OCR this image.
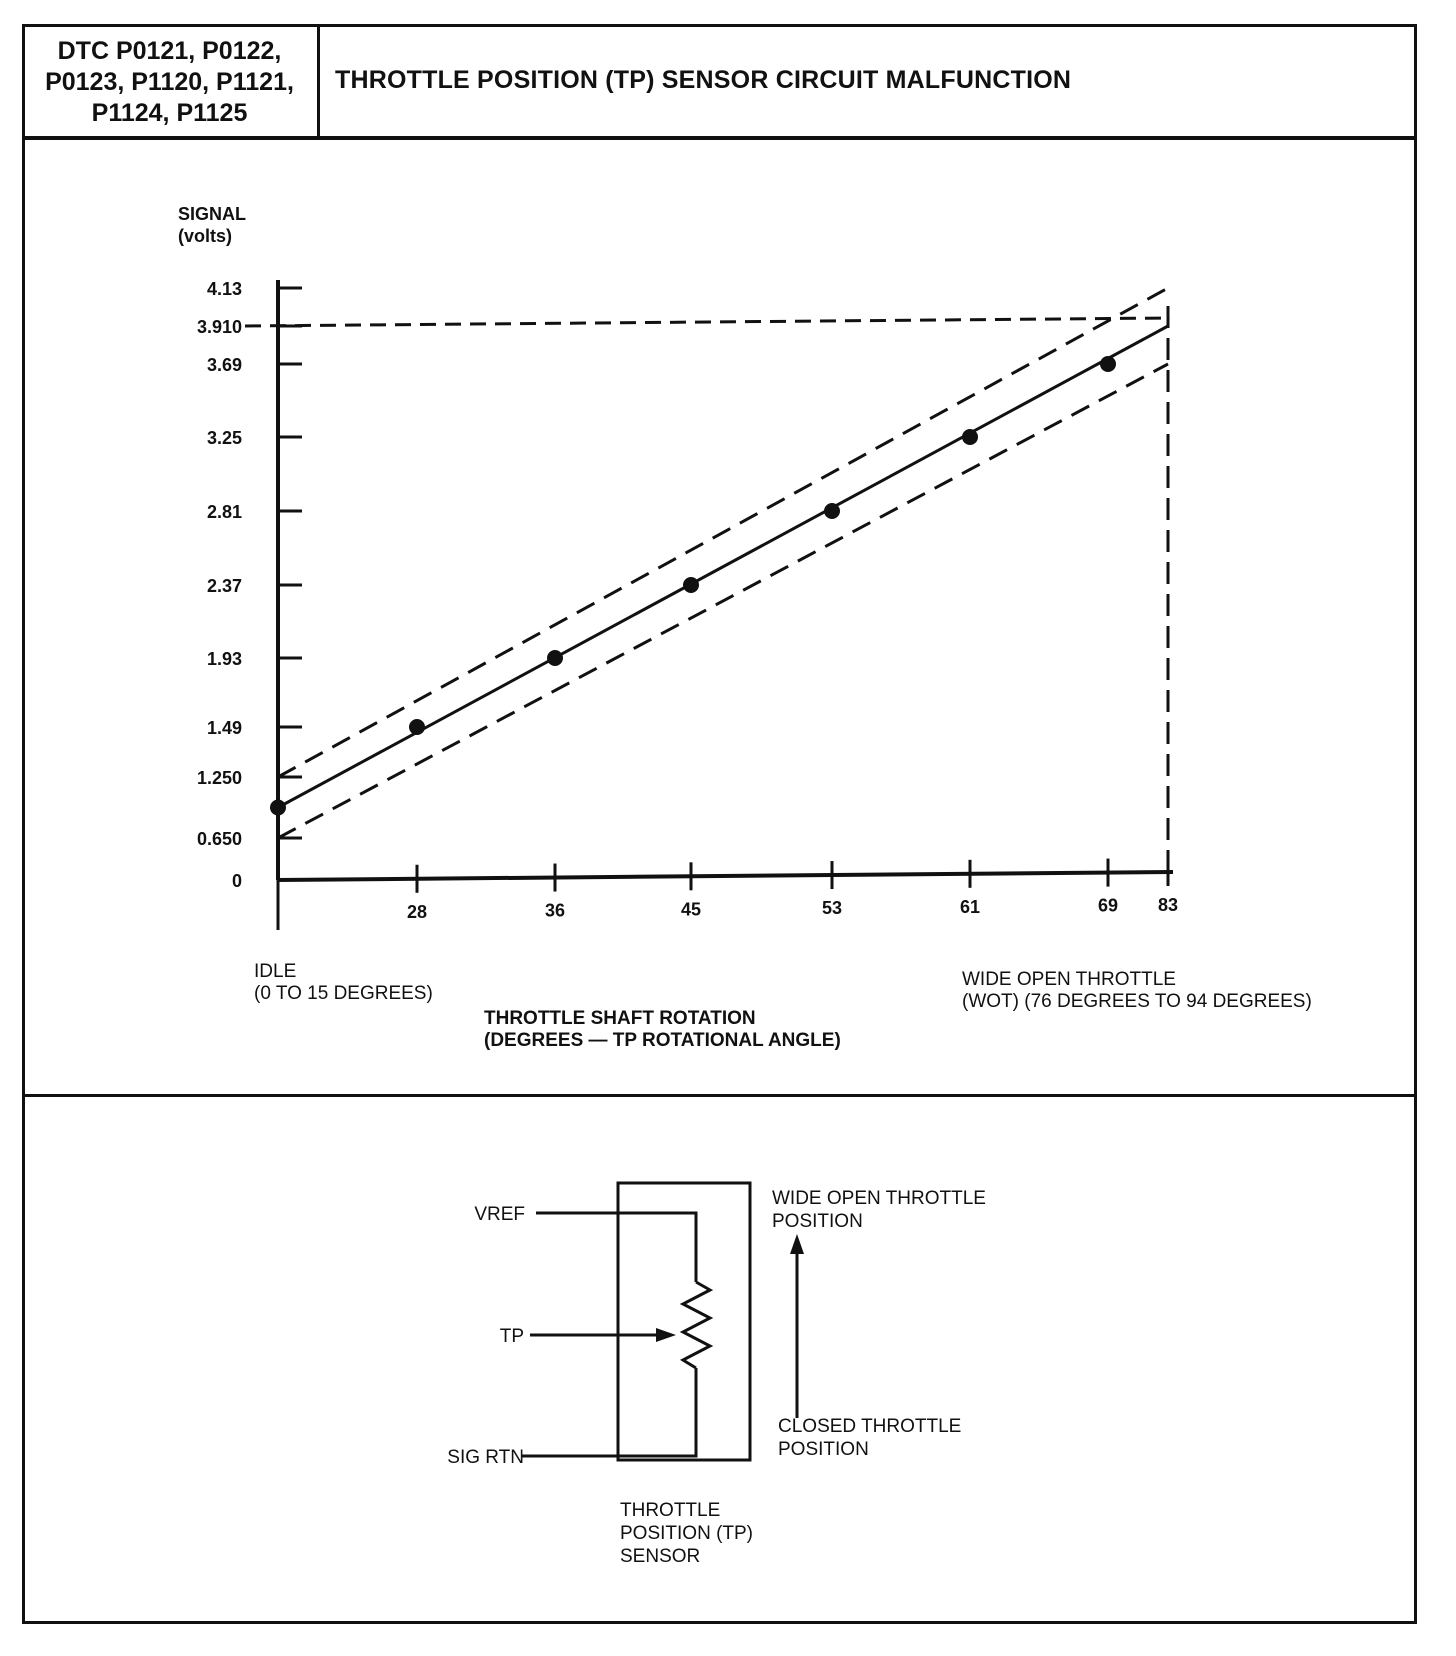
DTC P0121, P0122, P0123, P1120, P1121, P1124, P1125
THROTTLE POSITION (TP) SENSOR CIRCUIT MALFUNCTION
SIGNAL
(volts)
4.13
3.910
3.69
3.25
2.81
2.37
1.93
1.49
1.250
0.650
0
28	36	45	53	61	69 83
IDLE
(0 TO 15 DEGREES)
THROTTLE SHAFT ROTATION
(DEGREES — TP ROTATIONAL ANGLE)
WIDE OPEN THROTTLE
(WOT) (76 DEGREES TO 94 DEGREES)
VREF
TP
SIG RTN
THROTTLE
POSITION (TP)
SENSOR
WIDE OPEN THROTTLE
POSITION
CLOSED THROTTLE
POSITION
